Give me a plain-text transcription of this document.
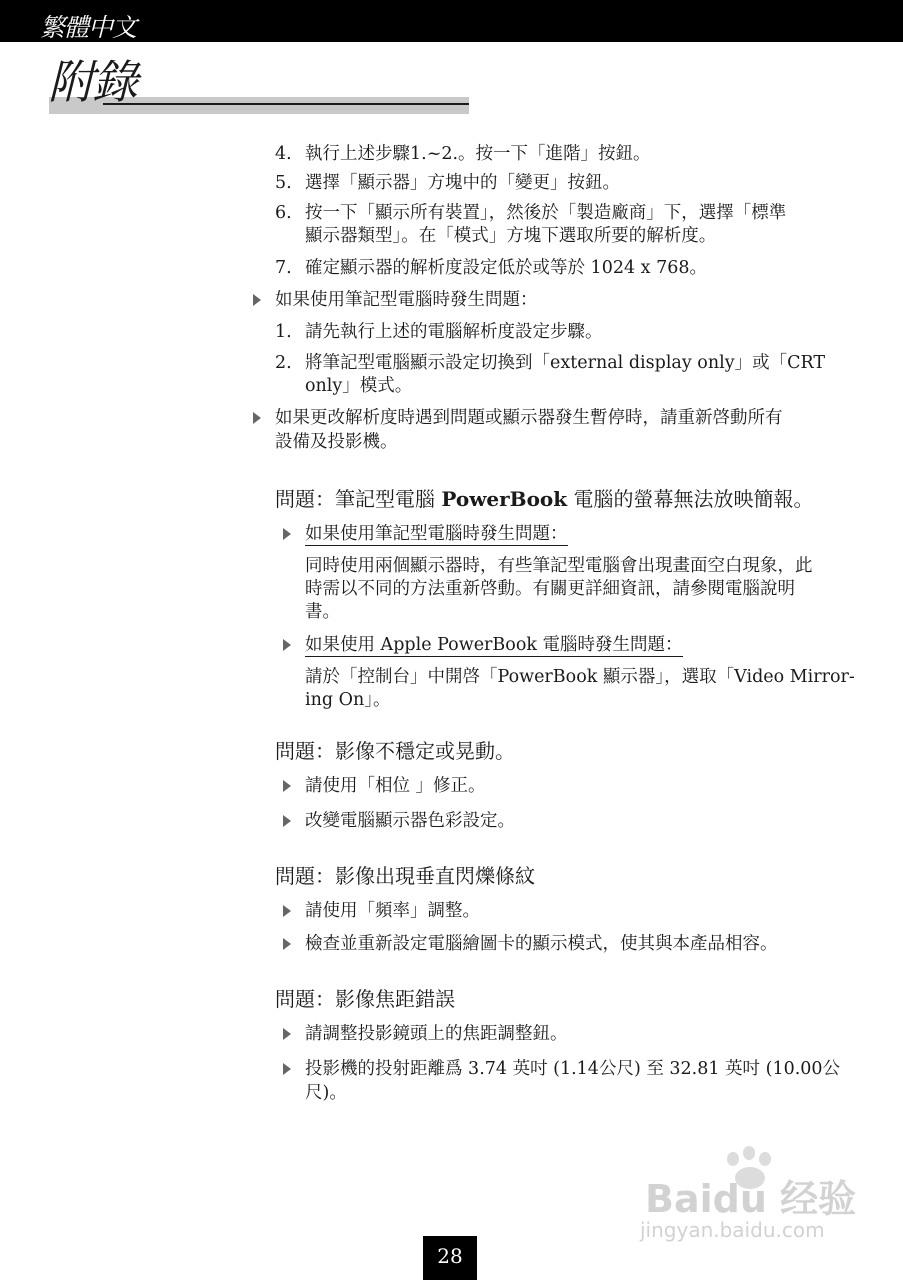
繁體中文
附錄
4. 執行上述步驟1.~2.。按一下「進階」按鈕。
5. 選擇「顯示器」方塊中的「變更」按鈕。
6. 按一下「顯示所有裝置」，然後於「製造廠商」下，選擇「標準
顯示器類型」。在「模式」方塊下選取所要的解析度。
7. 確定顯示器的解析度設定低於或等於 1024 x 768。
如果使用筆記型電腦時發生問題：
1. 請先執行上述的電腦解析度設定步驟。
2. 將筆記型電腦顯示設定切換到「external display only」或「CRT
only」模式。
如果更改解析度時遇到問題或顯示器發生暫停時，請重新啓動所有
設備及投影機。
問題：筆記型電腦 PowerBook 電腦的螢幕無法放映簡報。
如果使用筆記型電腦時發生問題：
同時使用兩個顯示器時，有些筆記型電腦會出現畫面空白現象，此
時需以不同的方法重新啓動。有關更詳細資訊，請參閱電腦說明
書。
如果使用 Apple PowerBook 電腦時發生問題：
請於「控制台」中開啓「PowerBook 顯示器」，選取「Video Mirror-
ing On」。
問題：影像不穩定或晃動。
請使用「相位 」修正。
改變電腦顯示器色彩設定。
問題：影像出現垂直閃爍條紋
請使用「頻率」調整。
檢查並重新設定電腦繪圖卡的顯示模式，使其與本產品相容。
問題：影像焦距錯誤
請調整投影鏡頭上的焦距調整鈕。
投影機的投射距離爲 3.74 英吋 (1.14公尺) 至 32.81 英吋 (10.00公
尺)。
Baidu 经验
jingyan.baidu.com
28
